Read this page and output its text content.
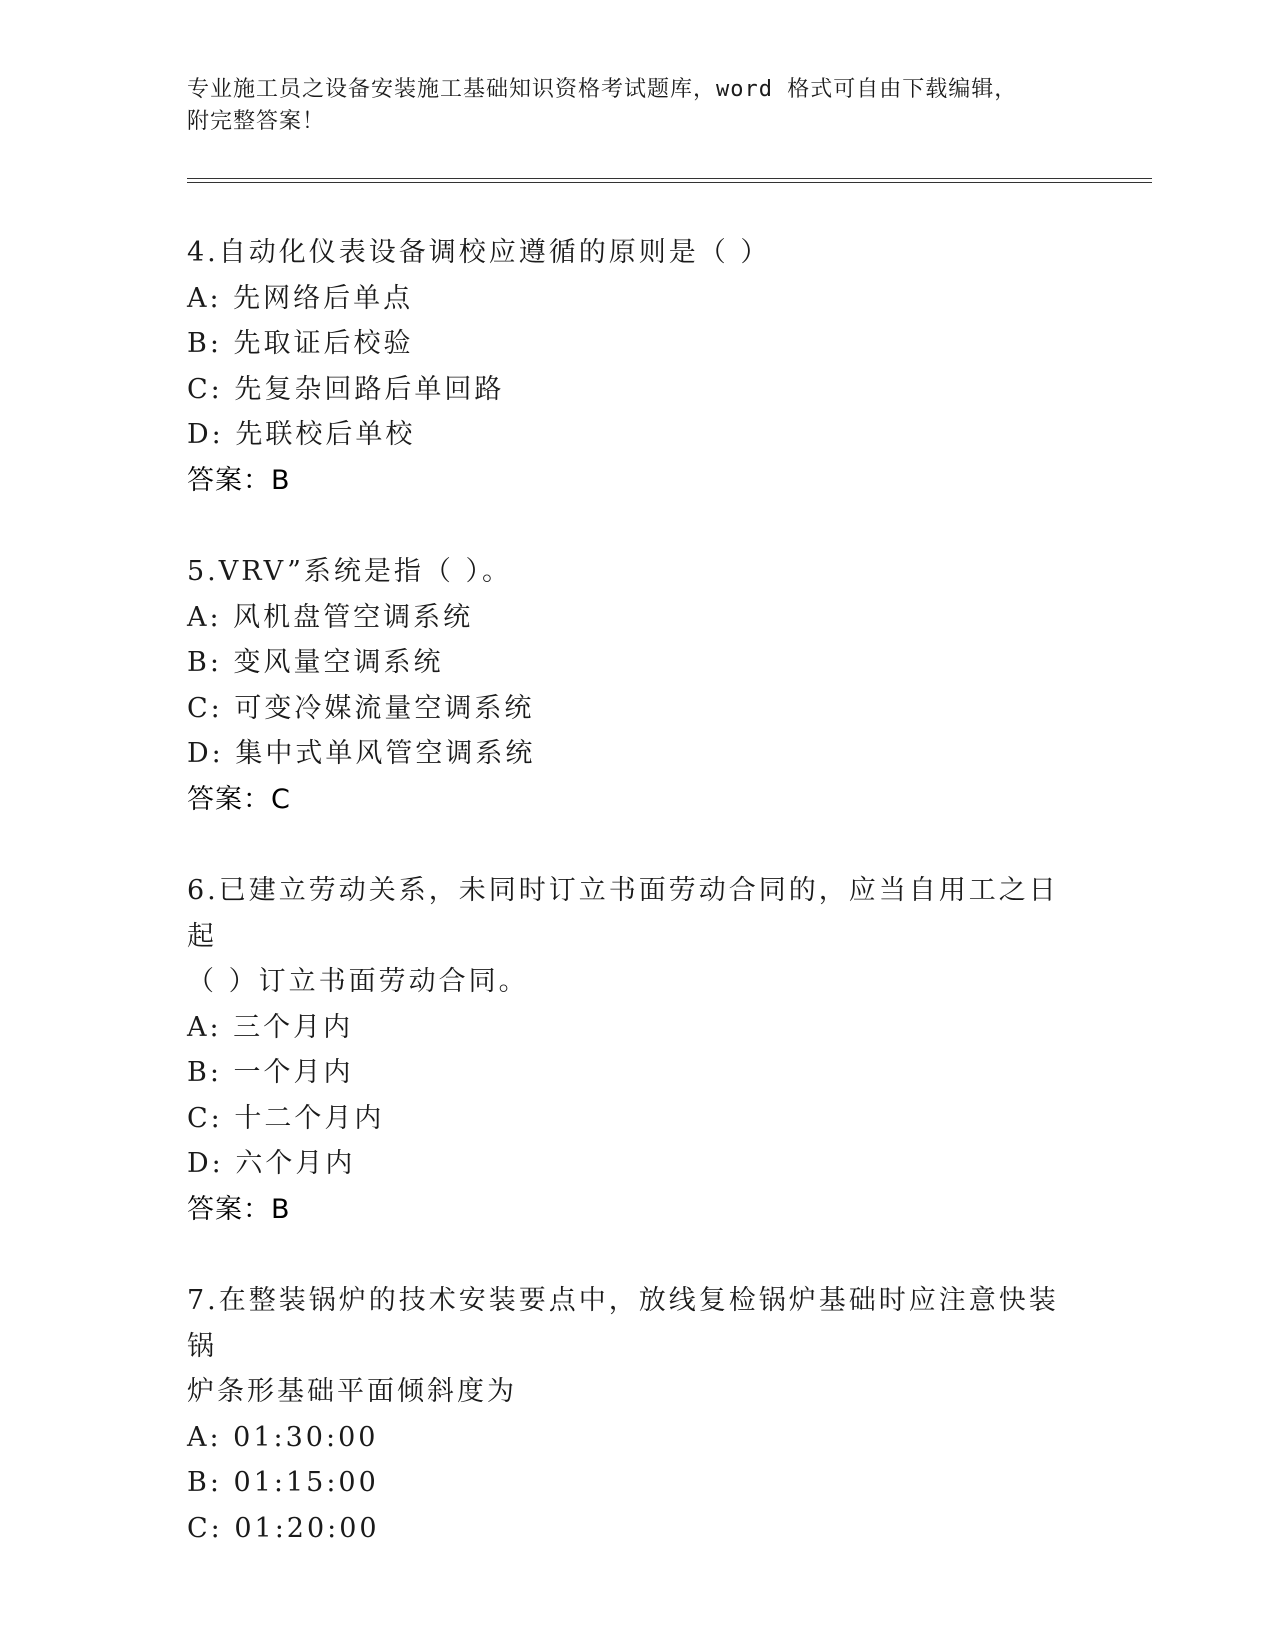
专业施工员之设备安装施工基础知识资格考试题库，word 格式可自由下载编辑，
附完整答案！
4.自动化仪表设备调校应遵循的原则是（ ）
A: 先网络后单点
B: 先取证后校验
C: 先复杂回路后单回路
D: 先联校后单校
答案：B
5.VRV”系统是指（ ）。
A: 风机盘管空调系统
B: 变风量空调系统
C: 可变冷媒流量空调系统
D: 集中式单风管空调系统
答案：C
6.已建立劳动关系，未同时订立书面劳动合同的，应当自用工之日起
（ ）订立书面劳动合同。
A: 三个月内
B: 一个月内
C: 十二个月内
D: 六个月内
答案：B
7.在整装锅炉的技术安装要点中，放线复检锅炉基础时应注意快装锅
炉条形基础平面倾斜度为
A: 01:30:00
B: 01:15:00
C: 01:20:00
